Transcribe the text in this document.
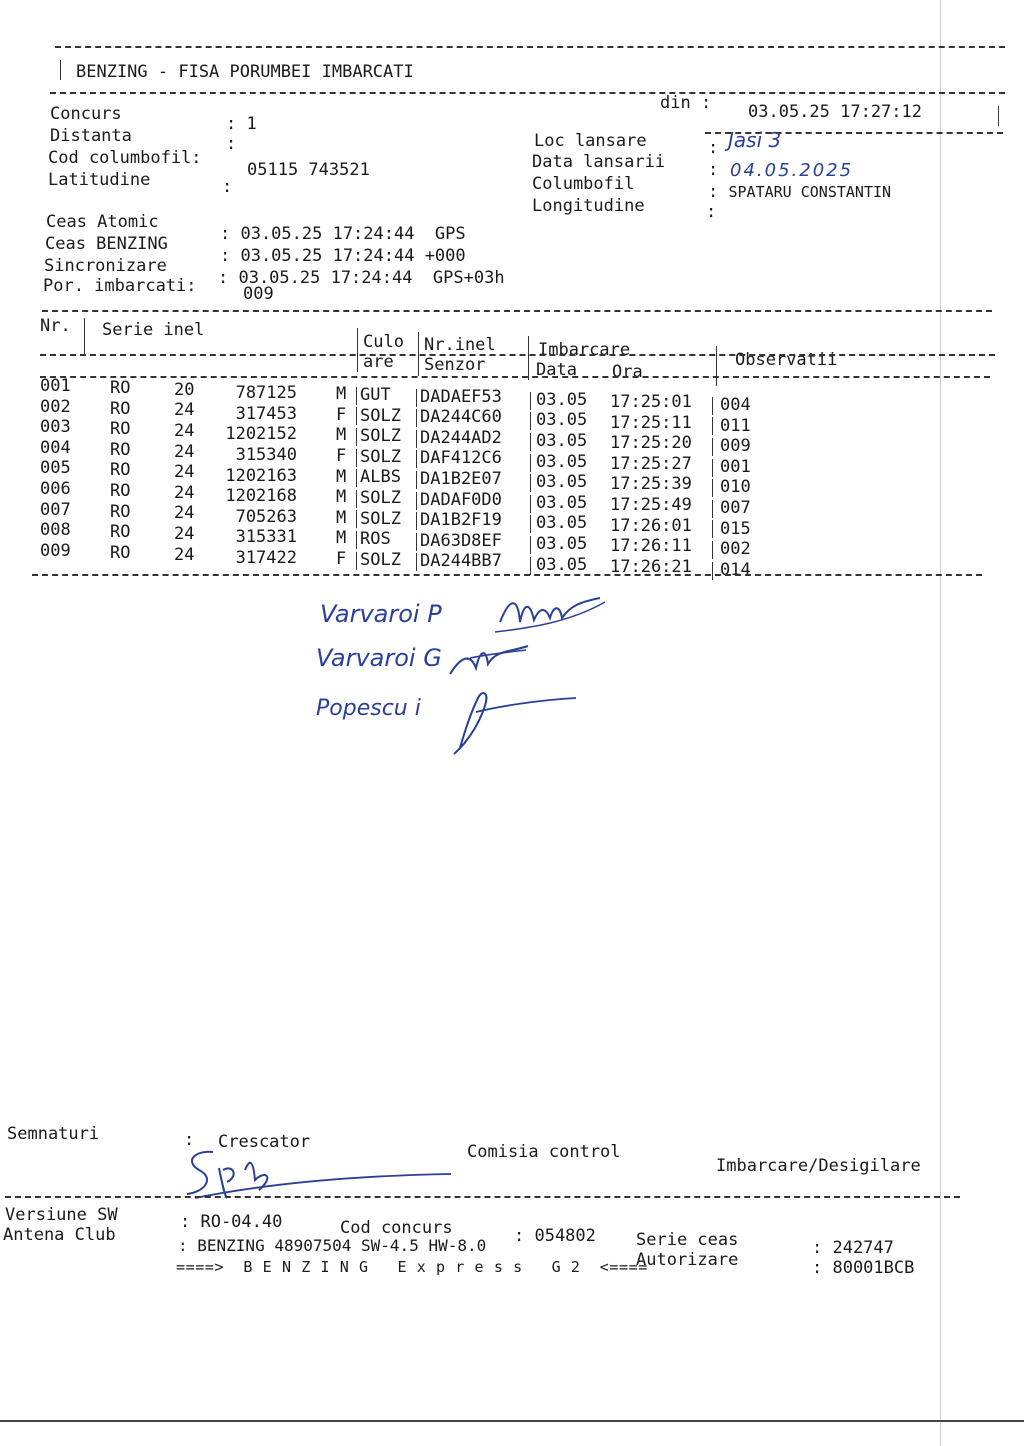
BENZING - FISA PORUMBEI IMBARCATI
din : 03.05.25 17:27:12
Concurs	: 1
Distanta	:
Cod columbofil:
05115 743521
Latitudine	:
Loc lansare	: Jasi 3
Data lansarii	: 04.05.2025
Columbofil	: SPATARU CONSTANTIN
Longitudine	:
Ceas Atomic
: 03.05.25 17:24:44  GPS
Ceas BENZING
: 03.05.25 17:24:44 +000
Sincronizare
: 03.05.25 17:24:44  GPS+03h
Por. imbarcati:	009
Nr. Serie inel
Culo
are
Nr.inel
Senzor
Imbarcare
Data Ora
Observatii
001 RO	20 787125 M GUT DADAEF53 03.05 17:25:01 004
002 RO	24 317453 F SOLZ DA244C60 03.05 17:25:11 011
003 RO	24 1202152 M SOLZ DA244AD2 03.05 17:25:20 009
004 RO	24 315340 F SOLZ DAF412C6 03.05 17:25:27 001
005 RO	24 1202163 M ALBS DA1B2E07 03.05 17:25:39 010
006 RO	24 1202168 M SOLZ DADAF0D0 03.05 17:25:49 007
007 RO	24 705263 M SOLZ DA1B2F19 03.05 17:26:01 015
008 RO	24 315331 M ROS DA63D8EF 03.05 17:26:11 002
009 RO	24 317422 F SOLZ DA244BB7 03.05 17:26:21 014
Varvaroi P
Varvaroi G
Popescu i
Semnaturi	: Crescator	Comisia control
Imbarcare/Desigilare
Versiune SW	: RO-04.40	Cod concurs	: 054802 Serie ceas	: 242747
Antena Club
: BENZING 48907504 SW-4.5 HW-8.0
Autorizare	: 80001BCB
====>  B E N Z I N G   E x p r e s s   G 2  <====
